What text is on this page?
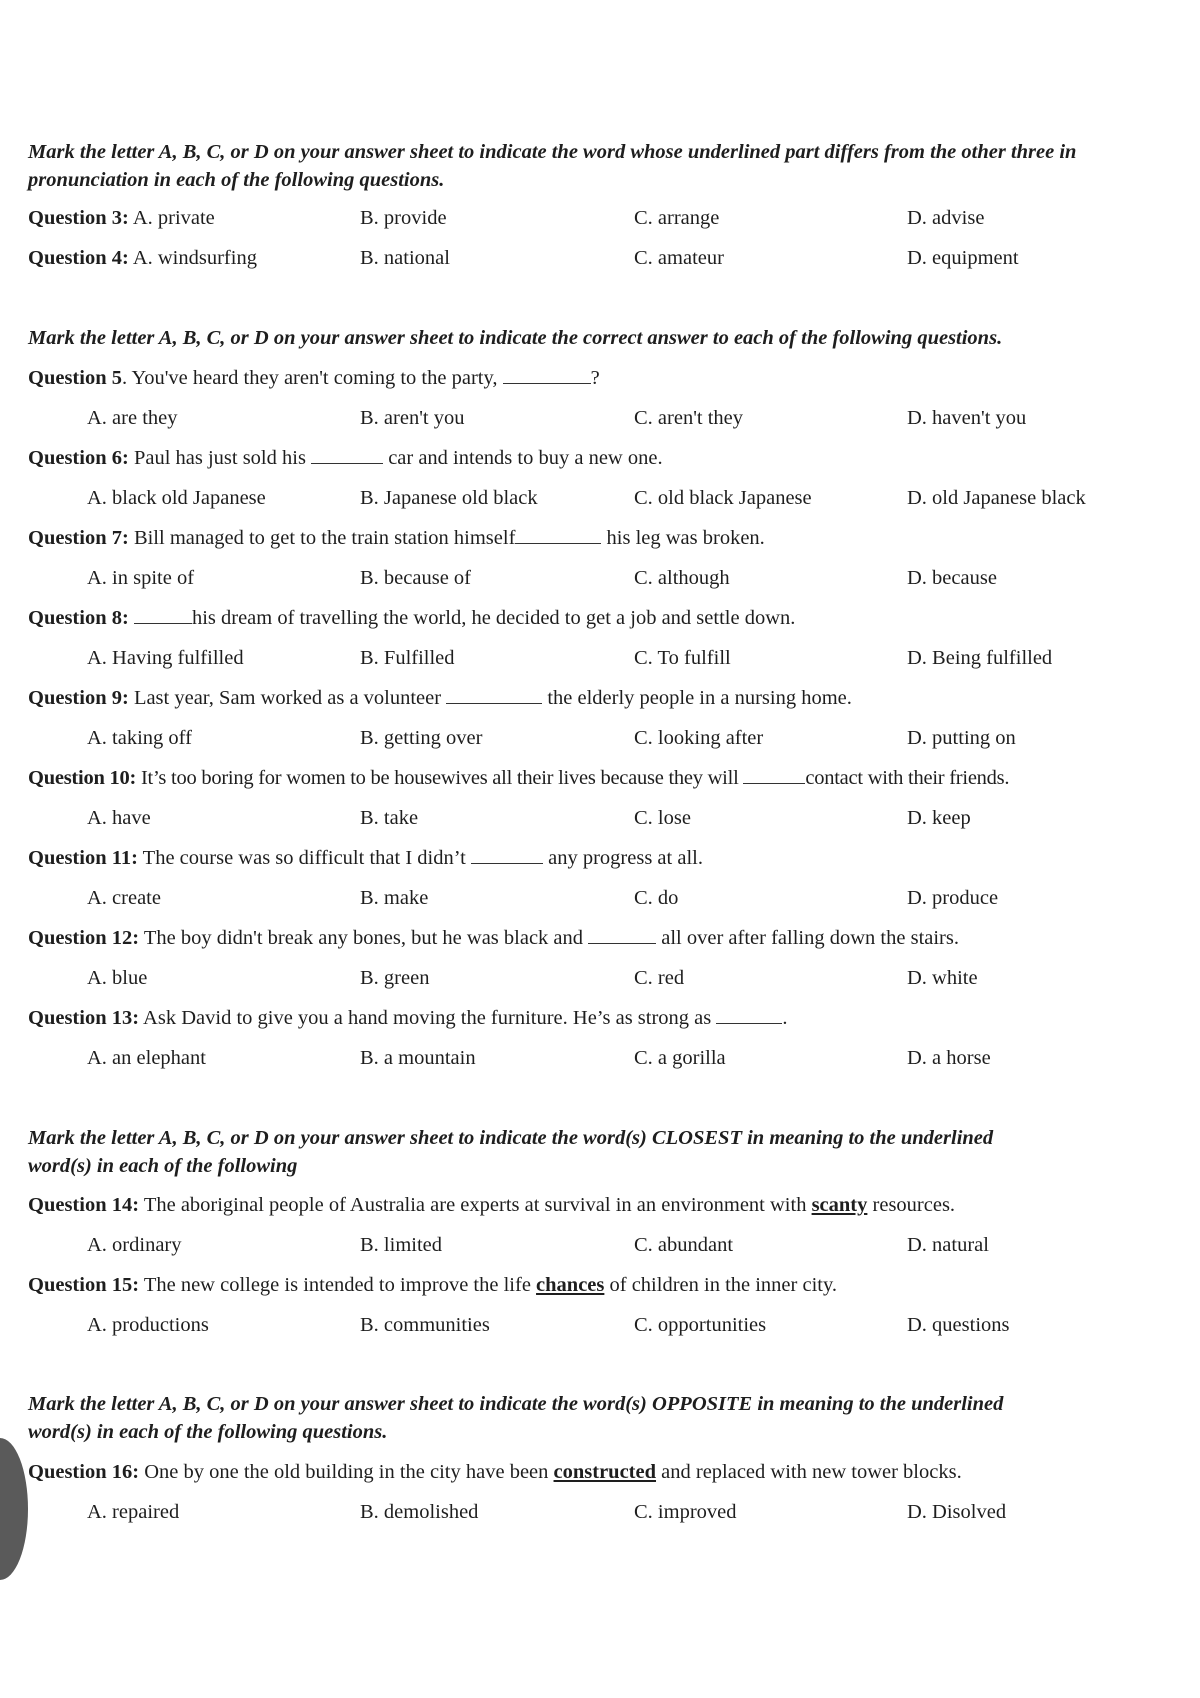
Mark the letter A, B, C, or D on your answer sheet to indicate the word whose underlined part differs from the other three in pronunciation in each of the following questions.
Question 3: A. private	B. provide	C. arrange	D. advise
Question 4: A. windsurfing	B. national	C. amateur	D. equipment
Mark the letter A, B, C, or D on your answer sheet to indicate the correct answer to each of the following questions.
Question 5. You've heard they aren't coming to the party,	?
A. are they	B. aren't you	C. aren't they	D. haven't you
Question 6: Paul has just sold his	car and intends to buy a new one.
A. black old Japanese	B. Japanese old black	C. old black Japanese	D. old Japanese black
Question 7: Bill managed to get to the train station himself	his leg was broken.
A. in spite of	B. because of	C. although	D. because
Question 8:	his dream of travelling the world, he decided to get a job and settle down.
A. Having fulfilled	B. Fulfilled	C. To fulfill	D. Being fulfilled
Question 9: Last year, Sam worked as a volunteer	the elderly people in a nursing home.
A. taking off	B. getting over	C. looking after	D. putting on
Question 10: It’s too boring for women to be housewives all their lives because they will	contact with their friends.
A. have	B. take	C. lose	D. keep
Question 11: The course was so difficult that I didn’t	any progress at all.
A. create	B. make	C. do	D. produce
Question 12: The boy didn't break any bones, but he was black and	all over after falling down the stairs.
A. blue	B. green	C. red	D. white
Question 13: Ask David to give you a hand moving the furniture. He’s as strong as	.
A. an elephant	B. a mountain	C. a gorilla	D. a horse
Mark the letter A, B, C, or D on your answer sheet to indicate the word(s) CLOSEST in meaning to the underlined
word(s) in each of the following
Question 14: The aboriginal people of Australia are experts at survival in an environment with scanty resources.
A. ordinary	B. limited	C. abundant	D. natural
Question 15: The new college is intended to improve the life chances of children in the inner city.
A. productions	B. communities	C. opportunities	D. questions
Mark the letter A, B, C, or D on your answer sheet to indicate the word(s) OPPOSITE in meaning to the underlined
word(s) in each of the following questions.
Question 16: One by one the old building in the city have been constructed and replaced with new tower blocks.
A. repaired	B. demolished	C. improved	D. Disolved
